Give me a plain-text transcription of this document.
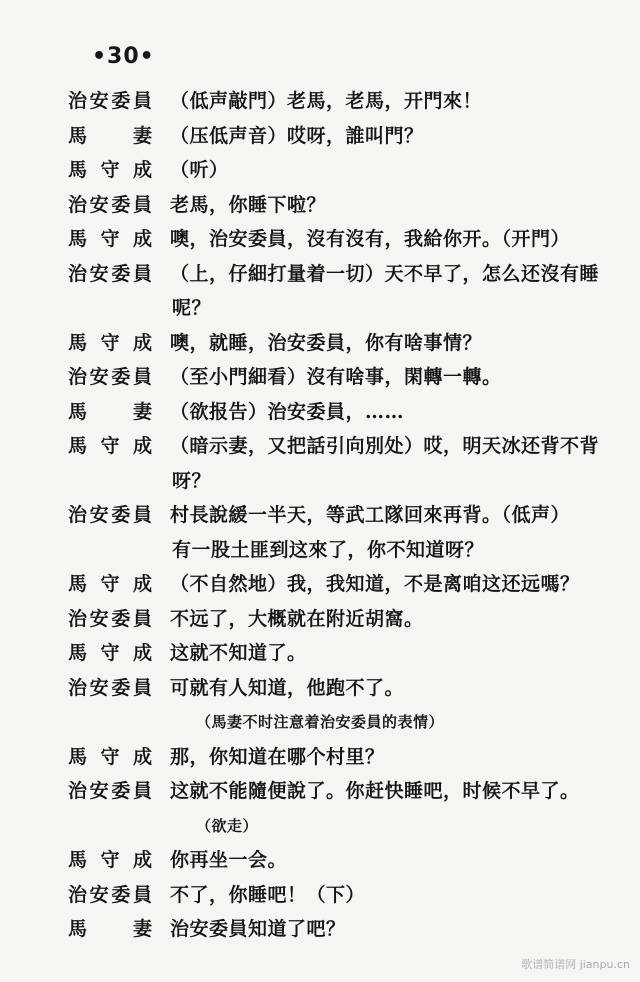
•30•
治安委員 （低声敲門）老馬，老馬，开門來！
馬　妻 （压低声音）哎呀，誰叫門？
馬守成 （听）
治安委員 老馬，你睡下啦？
馬守成 噢，治安委員，沒有沒有，我給你开。（开門）
治安委員 （上，仔細打量着一切）天不早了，怎么还沒有睡
呢？
馬守成 噢，就睡，治安委員，你有啥事情？
治安委員 （至小門細看）沒有啥事，閑轉一轉。
馬　妻 （欲报告）治安委員，……
馬守成 （暗示妻，又把話引向別处）哎，明天冰还背不背
呀？
治安委員 村長說緩一半天，等武工隊回來再背。（低声）
有一股土匪到这來了，你不知道呀？
馬守成 （不自然地）我，我知道，不是离咱这还远嗎？
治安委員 不远了，大概就在附近胡窩。
馬守成 这就不知道了。
治安委員 可就有人知道，他跑不了。
（馬妻不时注意着治安委員的表情）
馬守成 那，你知道在哪个村里？
治安委員 这就不能隨便說了。你赶快睡吧，时候不早了。
（欲走）
馬守成 你再坐一会。
治安委員 不了，你睡吧！（下）
馬　妻 治安委員知道了吧？
歌谱简谱网 jianpu.cn
